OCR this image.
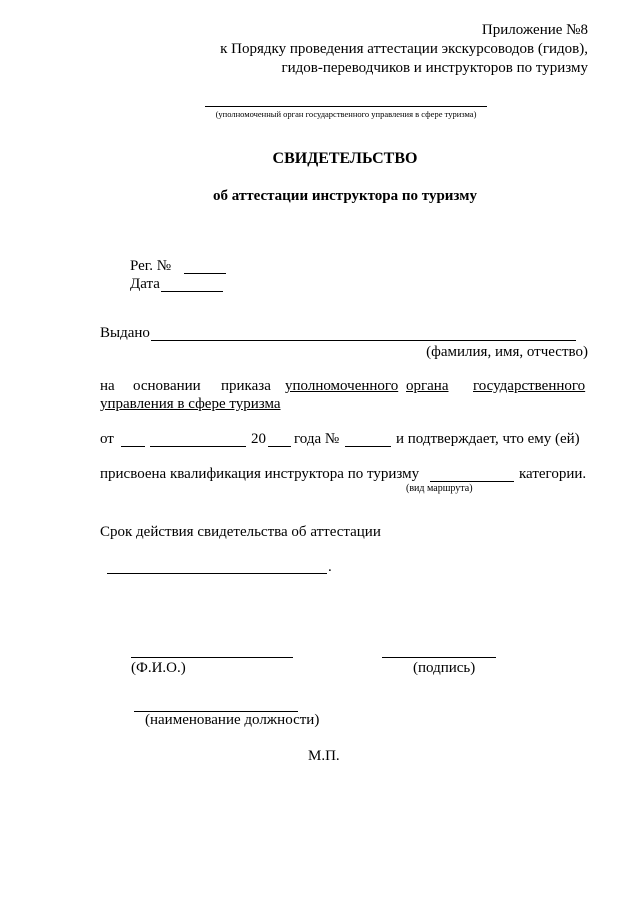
Приложение №8
к Порядку проведения аттестации экскурсоводов (гидов),
гидов-переводчиков и инструкторов по туризму
(уполномоченный орган государственного управления в сфере туризма)
СВИДЕТЕЛЬСТВО
об аттестации инструктора по туризму
Рег. №
Дата
Выдано
(фамилия, имя, отчество)
на основании приказа уполномоченного органа государственного
управления в сфере туризма
от	20 года №	и подтверждает, что ему (ей)
присвоена квалификация инструктора по туризму	категории.
(вид маршрута)
Срок действия свидетельства об аттестации
.
(Ф.И.О.)	(подпись)
(наименование должности)
М.П.
